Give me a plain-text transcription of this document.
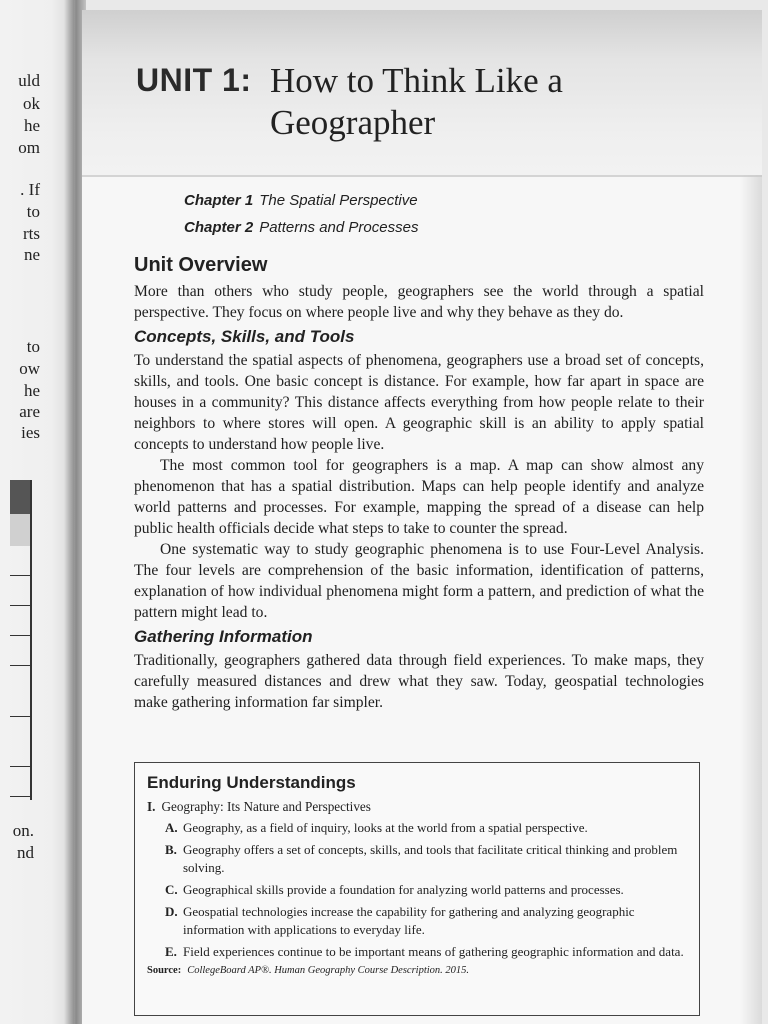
uld
ok
he
om
. If
to
rts
ne
to
ow
he
are
ies
on.
nd
UNIT 1: How to Think Like a Geographer
Chapter 1 The Spatial Perspective
Chapter 2 Patterns and Processes
Unit Overview

More than others who study people, geographers see the world through a spatial perspective. They focus on where people live and why they behave as they do.

Concepts, Skills, and Tools

To understand the spatial aspects of phenomena, geographers use a broad set of concepts, skills, and tools. One basic concept is distance. For example, how far apart in space are houses in a community? This distance affects everything from how people relate to their neighbors to where stores will open. A geographic skill is an ability to apply spatial concepts to understand how people live.

The most common tool for geographers is a map. A map can show almost any phenomenon that has a spatial distribution. Maps can help people identify and analyze world patterns and processes. For example, mapping the spread of a disease can help public health officials decide what steps to take to counter the spread.

One systematic way to study geographic phenomena is to use Four-Level Analysis. The four levels are comprehension of the basic information, identification of patterns, explanation of how individual phenomena might form a pattern, and prediction of what the pattern might lead to.

Gathering Information

Traditionally, geographers gathered data through field experiences. To make maps, they carefully measured distances and drew what they saw. Today, geospatial technologies make gathering information far simpler.

Enduring Understandings
I. Geography: Its Nature and Perspectives
A. Geography, as a field of inquiry, looks at the world from a spatial perspective.
B. Geography offers a set of concepts, skills, and tools that facilitate critical thinking and problem solving.
C. Geographical skills provide a foundation for analyzing world patterns and processes.
D. Geospatial technologies increase the capability for gathering and analyzing geographic information with applications to everyday life.
E. Field experiences continue to be important means of gathering geographic information and data.
Source: CollegeBoard AP®. Human Geography Course Description. 2015.
